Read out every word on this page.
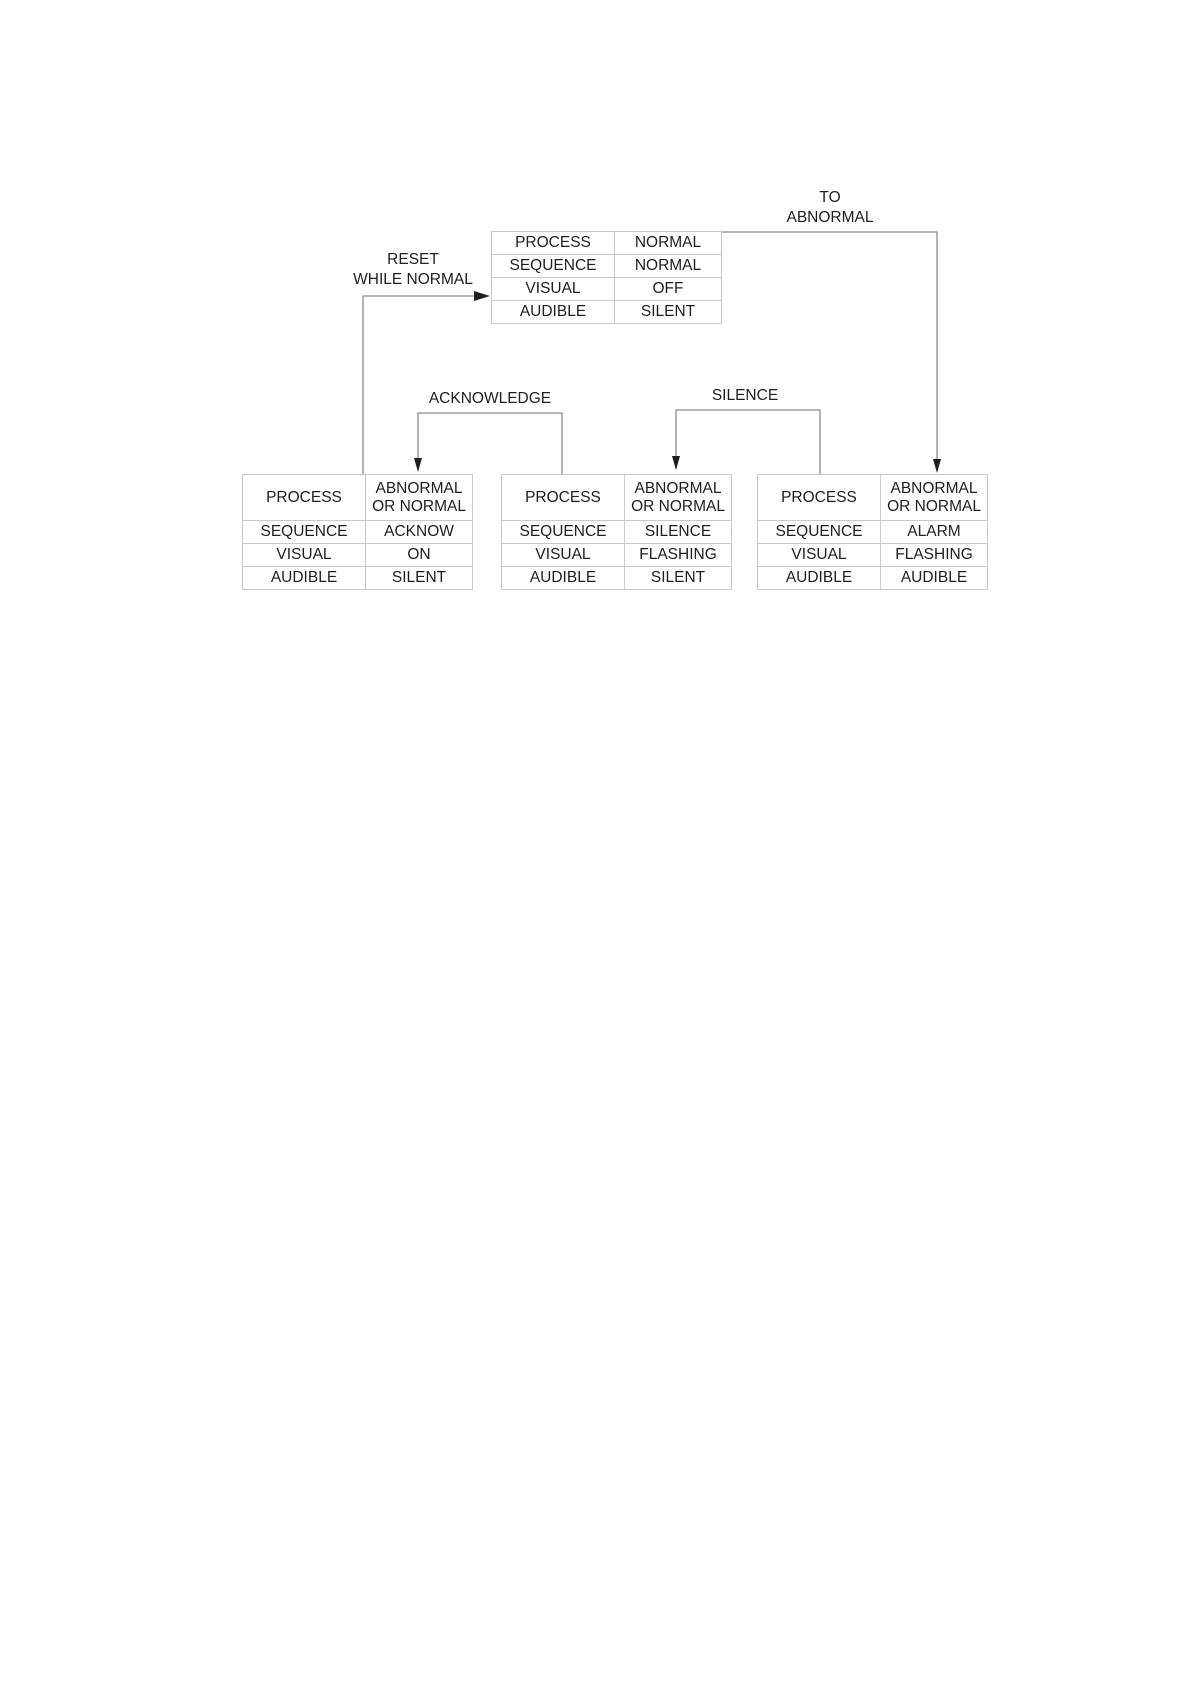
TO
ABNORMAL
RESET
WHILE NORMAL
ACKNOWLEDGE	SILENCE
PROCESS	NORMAL
SEQUENCE	NORMAL
VISUAL	OFF
AUDIBLE	SILENT
PROCESS	ABNORMAL
OR NORMAL

SEQUENCE	ACKNOW
VISUAL	ON
AUDIBLE	SILENT
PROCESS	ABNORMAL
OR NORMAL

SEQUENCE	SILENCE
VISUAL	FLASHING
AUDIBLE	SILENT
PROCESS	ABNORMAL
OR NORMAL

SEQUENCE	ALARM
VISUAL	FLASHING
AUDIBLE	AUDIBLE
